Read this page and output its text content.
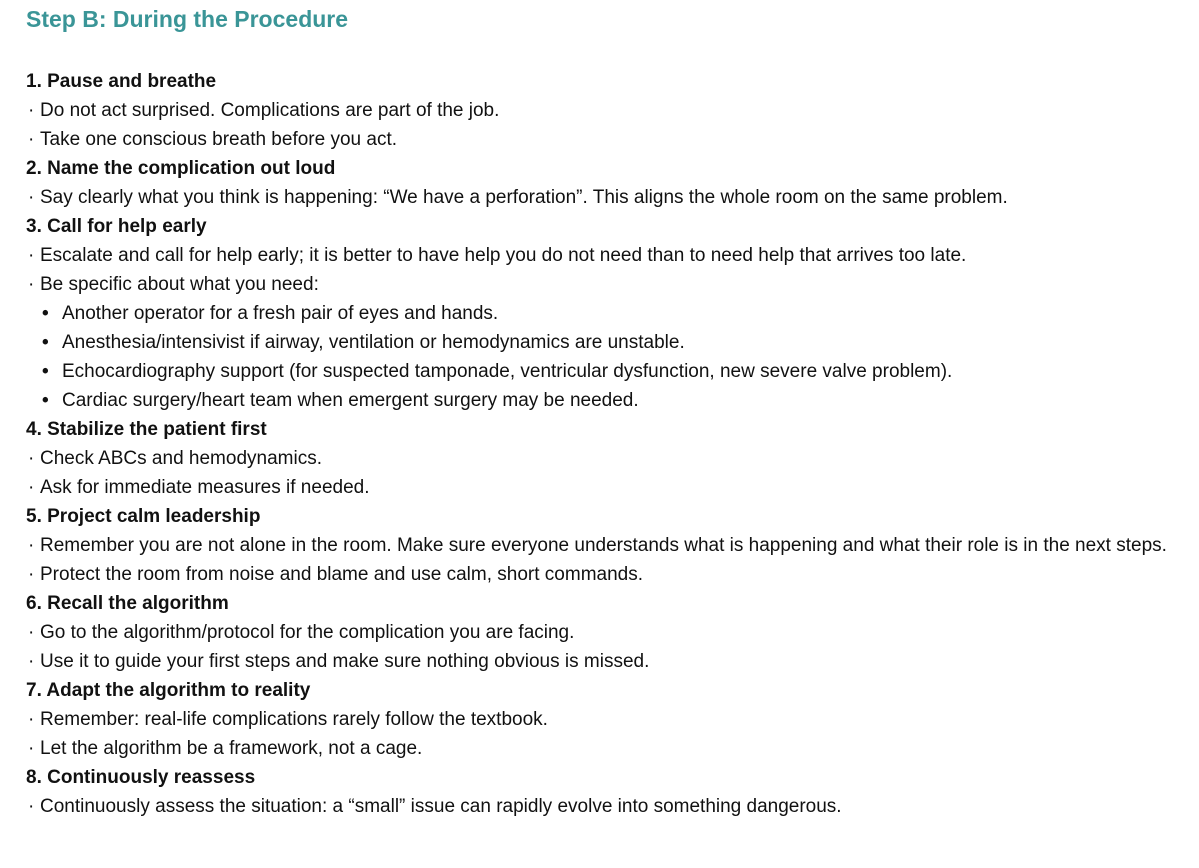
Step B: During the Procedure
1. Pause and breathe
· Do not act surprised. Complications are part of the job.
· Take one conscious breath before you act.
2. Name the complication out loud
· Say clearly what you think is happening: “We have a perforation”. This aligns the whole room on the same problem.
3. Call for help early
· Escalate and call for help early; it is better to have help you do not need than to need help that arrives too late.
· Be specific about what you need:
• Another operator for a fresh pair of eyes and hands.
• Anesthesia/intensivist if airway, ventilation or hemodynamics are unstable.
• Echocardiography support (for suspected tamponade, ventricular dysfunction, new severe valve problem).
• Cardiac surgery/heart team when emergent surgery may be needed.
4. Stabilize the patient first
· Check ABCs and hemodynamics.
· Ask for immediate measures if needed.
5. Project calm leadership
· Remember you are not alone in the room. Make sure everyone understands what is happening and what their role is in the next steps.
· Protect the room from noise and blame and use calm, short commands.
6. Recall the algorithm
· Go to the algorithm/protocol for the complication you are facing.
· Use it to guide your first steps and make sure nothing obvious is missed.
7. Adapt the algorithm to reality
· Remember: real-life complications rarely follow the textbook.
· Let the algorithm be a framework, not a cage.
8. Continuously reassess
· Continuously assess the situation: a “small” issue can rapidly evolve into something dangerous.
